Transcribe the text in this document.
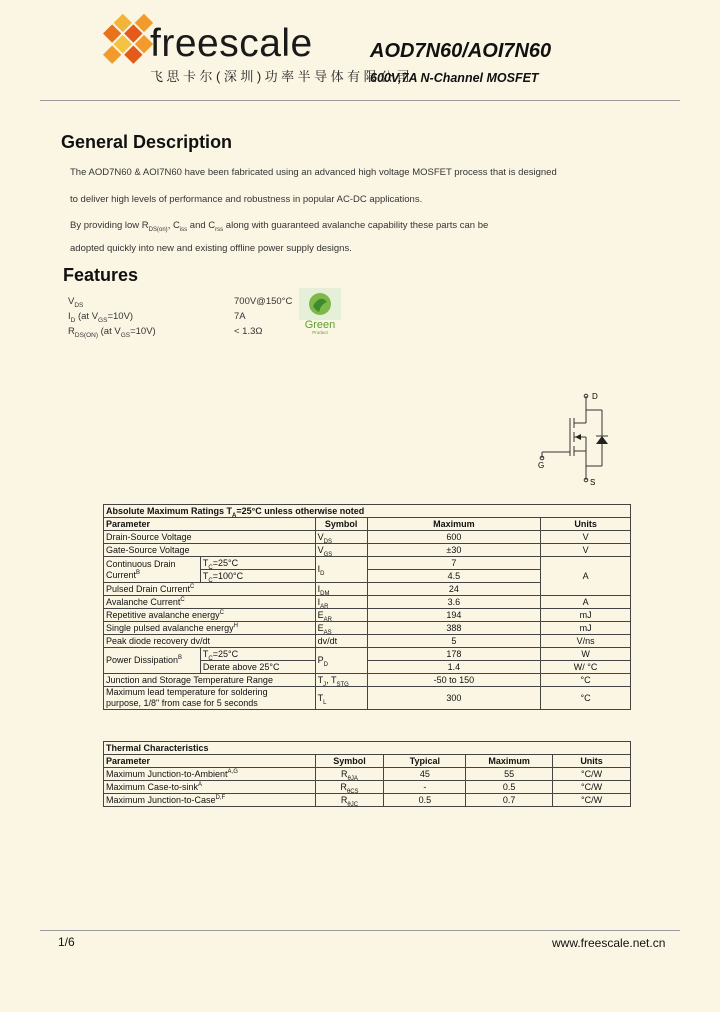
freescale
飞思卡尔(深圳)功率半导体有限公司
AOD7N60/AOI7N60
600V,7A N-Channel MOSFET
General Description
The AOD7N60 & AOI7N60 have been fabricated using an advanced high voltage MOSFET process that is designed
to deliver high levels of performance and robustness in popular AC-DC applications.
By providing low $R_{DS(on)}$, $C_{iss}$ and $C_{rss}$ along with guaranteed avalanche capability these parts can be
adopted quickly into new and existing offline power supply designs.
Features
$V_{DS}$	700V@150°C
$I_D$ (at $V_{GS}=10V$)	7A
$R_{DS(ON)}$ (at $V_{GS}=10V$)	< 1.3Ω
Green
Product
D
G
S
Absolute Maximum Ratings $T_A=25^\circ C$ unless otherwise noted				
Parameter		Symbol	Maximum	Units
Drain-Source Voltage		$V_{DS}$	600	V
Gate-Source Voltage		$V_{GS}$	±30	V

Continuous Drain
Current$^B$	$T_C=25^\circ C$	$I_D$	7	A
	$T_C=100^\circ C$		4.5	
Pulsed Drain Current$^C$		$I_{DM}$	24	
Avalanche Current$^C$		$I_{AR}$	3.6	A
Repetitive avalanche energy$^C$		$E_{AR}$	194	mJ
Single pulsed avalanche energy$^H$		$E_{AS}$	388	mJ
Peak diode recovery dv/dt		dv/dt	5	V/ns
Power Dissipation$^B$	$T_C=25^\circ C$	$P_D$	178	W
	Derate above 25°C		1.4	W/ °C
Junction and Storage Temperature Range		$T_J$, $T_{STG}$	-50 to 150	°C

Maximum lead temperature for soldering
purpose, 1/8" from case for 5 seconds		$T_L$	300	°C
Thermal Characteristics				
Parameter	Symbol	Typical	Maximum	Units
Maximum Junction-to-Ambient$^{A,G}$	$R_{\theta JA}$	45	55	°C/W
Maximum Case-to-sink$^A$	$R_{\theta CS}$	-	0.5	°C/W
Maximum Junction-to-Case$^{D,F}$	$R_{\theta JC}$	0.5	0.7	°C/W
1/6	www.freescale.net.cn
